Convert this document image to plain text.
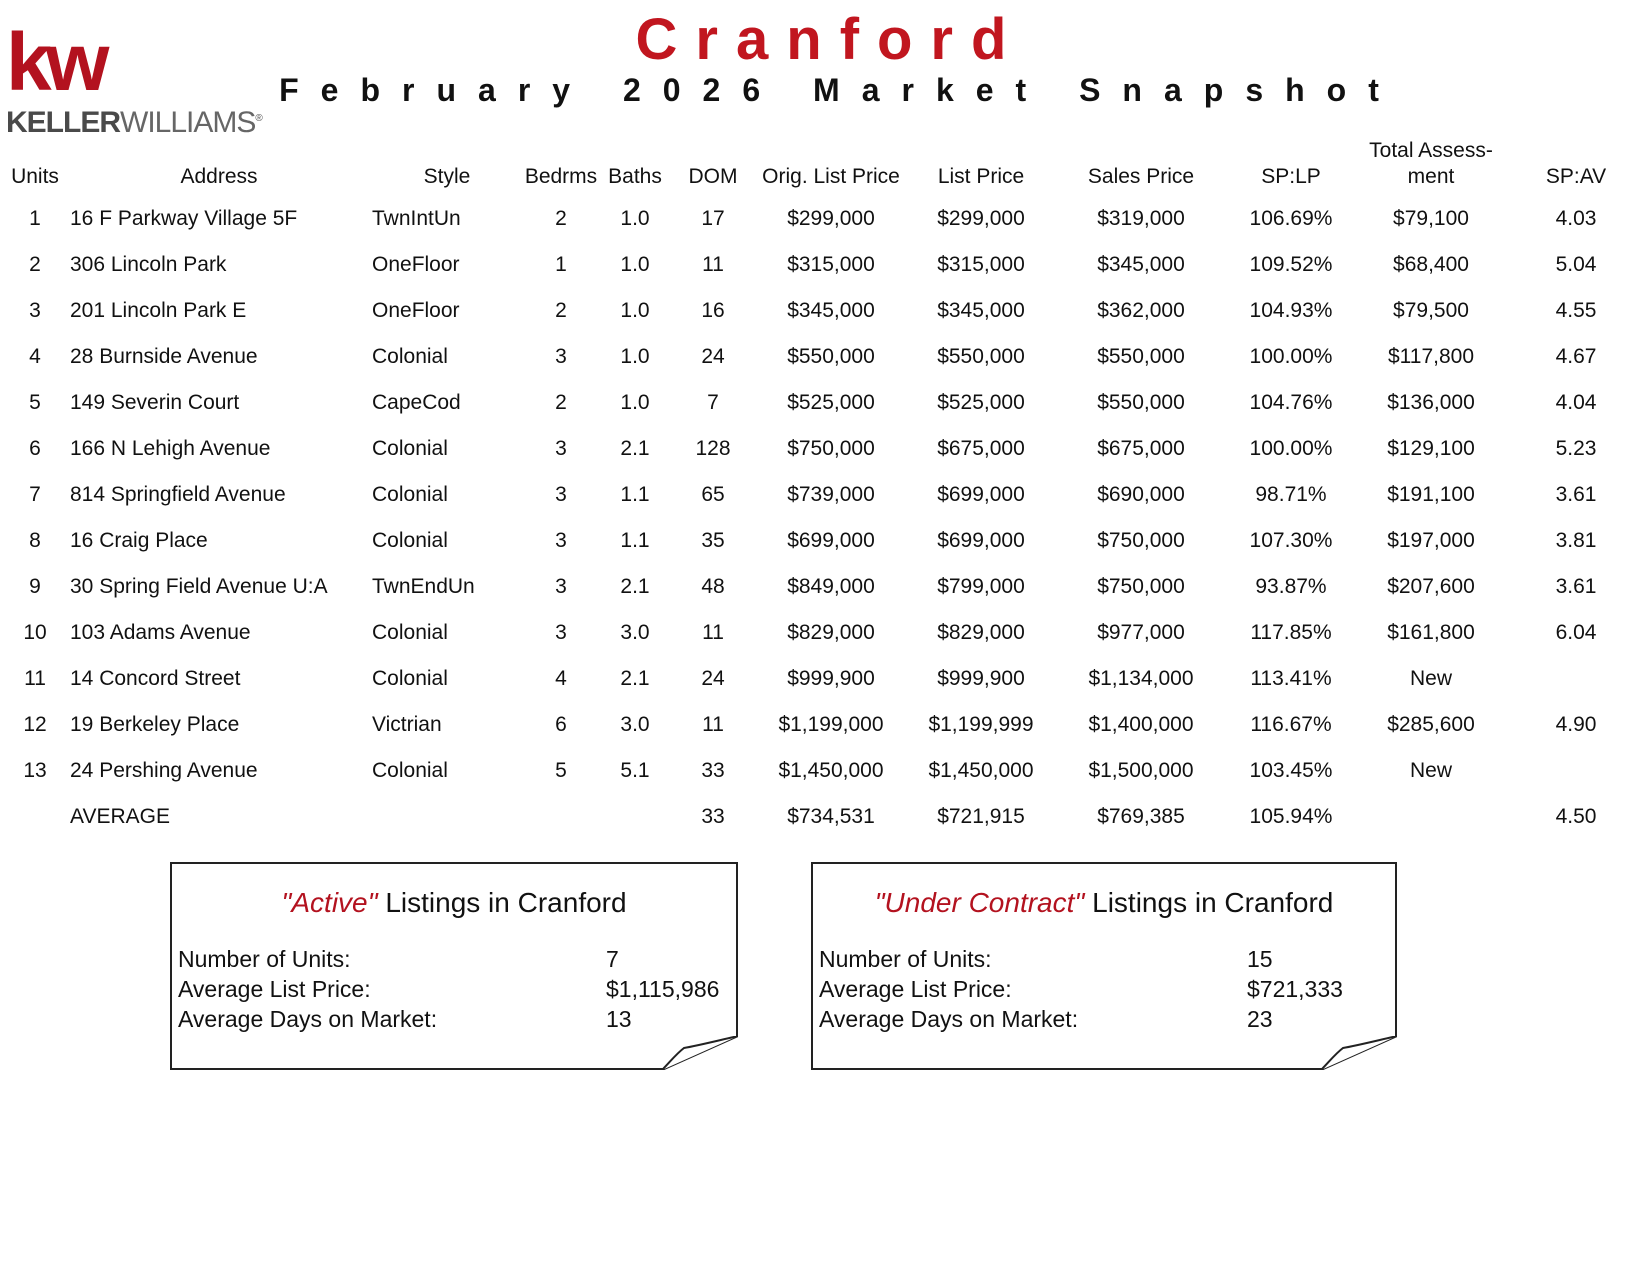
kw
KELLERWILLIAMS®
Cranford
February 2026 Market Snapshot
Units	Address	Style	Bedrms	Baths	DOM	Orig. List Price	List Price	Sales Price	SP:LP	Total Assess-ment	SP:AV
1	16 F Parkway Village 5F	TwnIntUn	2	1.0	17	$299,000	$299,000	$319,000	106.69%	$79,100	4.03
2	306 Lincoln Park	OneFloor	1	1.0	11	$315,000	$315,000	$345,000	109.52%	$68,400	5.04
3	201 Lincoln Park E	OneFloor	2	1.0	16	$345,000	$345,000	$362,000	104.93%	$79,500	4.55
4	28 Burnside Avenue	Colonial	3	1.0	24	$550,000	$550,000	$550,000	100.00%	$117,800	4.67
5	149 Severin Court	CapeCod	2	1.0	7	$525,000	$525,000	$550,000	104.76%	$136,000	4.04
6	166 N Lehigh Avenue	Colonial	3	2.1	128	$750,000	$675,000	$675,000	100.00%	$129,100	5.23
7	814 Springfield Avenue	Colonial	3	1.1	65	$739,000	$699,000	$690,000	98.71%	$191,100	3.61
8	16 Craig Place	Colonial	3	1.1	35	$699,000	$699,000	$750,000	107.30%	$197,000	3.81
9	30 Spring Field Avenue U:A	TwnEndUn	3	2.1	48	$849,000	$799,000	$750,000	93.87%	$207,600	3.61
10	103 Adams Avenue	Colonial	3	3.0	11	$829,000	$829,000	$977,000	117.85%	$161,800	6.04
11	14 Concord Street	Colonial	4	2.1	24	$999,900	$999,900	$1,134,000	113.41%	New	
12	19 Berkeley Place	Victrian	6	3.0	11	$1,199,000	$1,199,999	$1,400,000	116.67%	$285,600	4.90
13	24 Pershing Avenue	Colonial	5	5.1	33	$1,450,000	$1,450,000	$1,500,000	103.45%	New	
	AVERAGE				33	$734,531	$721,915	$769,385	105.94%		4.50
"Active" Listings in Cranford
Number of Units:	7
Average List Price:	$1,115,986
Average Days on Market:	13
"Under Contract" Listings in Cranford
Number of Units:	15
Average List Price:	$721,333
Average Days on Market:	23
